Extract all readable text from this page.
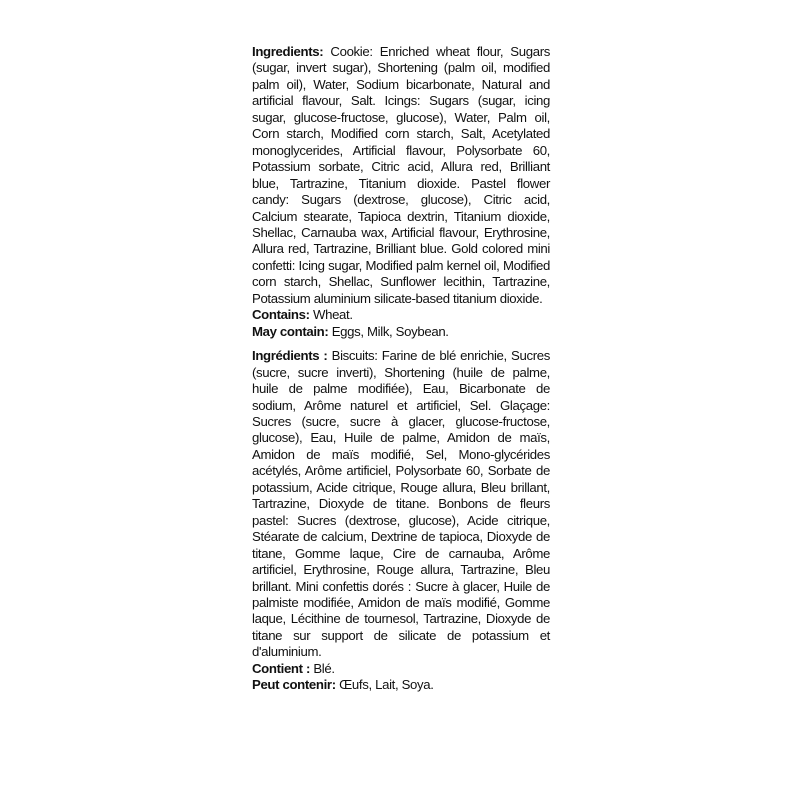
Ingredients: Cookie: Enriched wheat flour, Sugars (sugar, invert sugar), Shortening (palm oil, modified palm oil), Water, Sodium bicarbonate, Natural and artificial flavour, Salt. Icings: Sugars (sugar, icing sugar, glucose-fructose, glucose), Water, Palm oil, Corn starch, Modified corn starch, Salt, Acetylated monoglycerides, Artificial flavour, Polysorbate 60, Potassium sorbate, Citric acid, Allura red, Brilliant blue, Tartrazine, Titanium dioxide. Pastel flower candy: Sugars (dextrose, glucose), Citric acid, Calcium stearate, Tapioca dextrin, Titanium dioxide, Shellac, Carnauba wax, Artificial flavour, Erythrosine, Allura red, Tartrazine, Brilliant blue. Gold colored mini confetti: Icing sugar, Modified palm kernel oil, Modified corn starch, Shellac, Sunflower lecithin, Tartrazine, Potassium aluminium silicate-based titanium dioxide.

Contains: Wheat.

May contain: Eggs, Milk, Soybean.

Ingrédients : Biscuits: Farine de blé enrichie, Sucres (sucre, sucre inverti), Shortening (huile de palme, huile de palme modifiée), Eau, Bicarbonate de sodium, Arôme naturel et artificiel, Sel. Glaçage: Sucres (sucre, sucre à glacer, glucose-fructose, glucose), Eau, Huile de palme, Amidon de maïs, Amidon de maïs modifié, Sel, Mono-glycérides acétylés, Arôme artificiel, Polysorbate 60, Sorbate de potassium, Acide citrique, Rouge allura, Bleu brillant, Tartrazine, Dioxyde de titane. Bonbons de fleurs pastel: Sucres (dextrose, glucose), Acide citrique, Stéarate de calcium, Dextrine de tapioca, Dioxyde de titane, Gomme laque, Cire de carnauba, Arôme artificiel, Erythrosine, Rouge allura, Tartrazine, Bleu brillant. Mini confettis dorés : Sucre à glacer, Huile de palmiste modifiée, Amidon de maïs modifié, Gomme laque, Lécithine de tournesol, Tartrazine, Dioxyde de titane sur support de silicate de potassium et d'aluminium.

Contient : Blé.

Peut contenir: Œufs, Lait, Soya.
